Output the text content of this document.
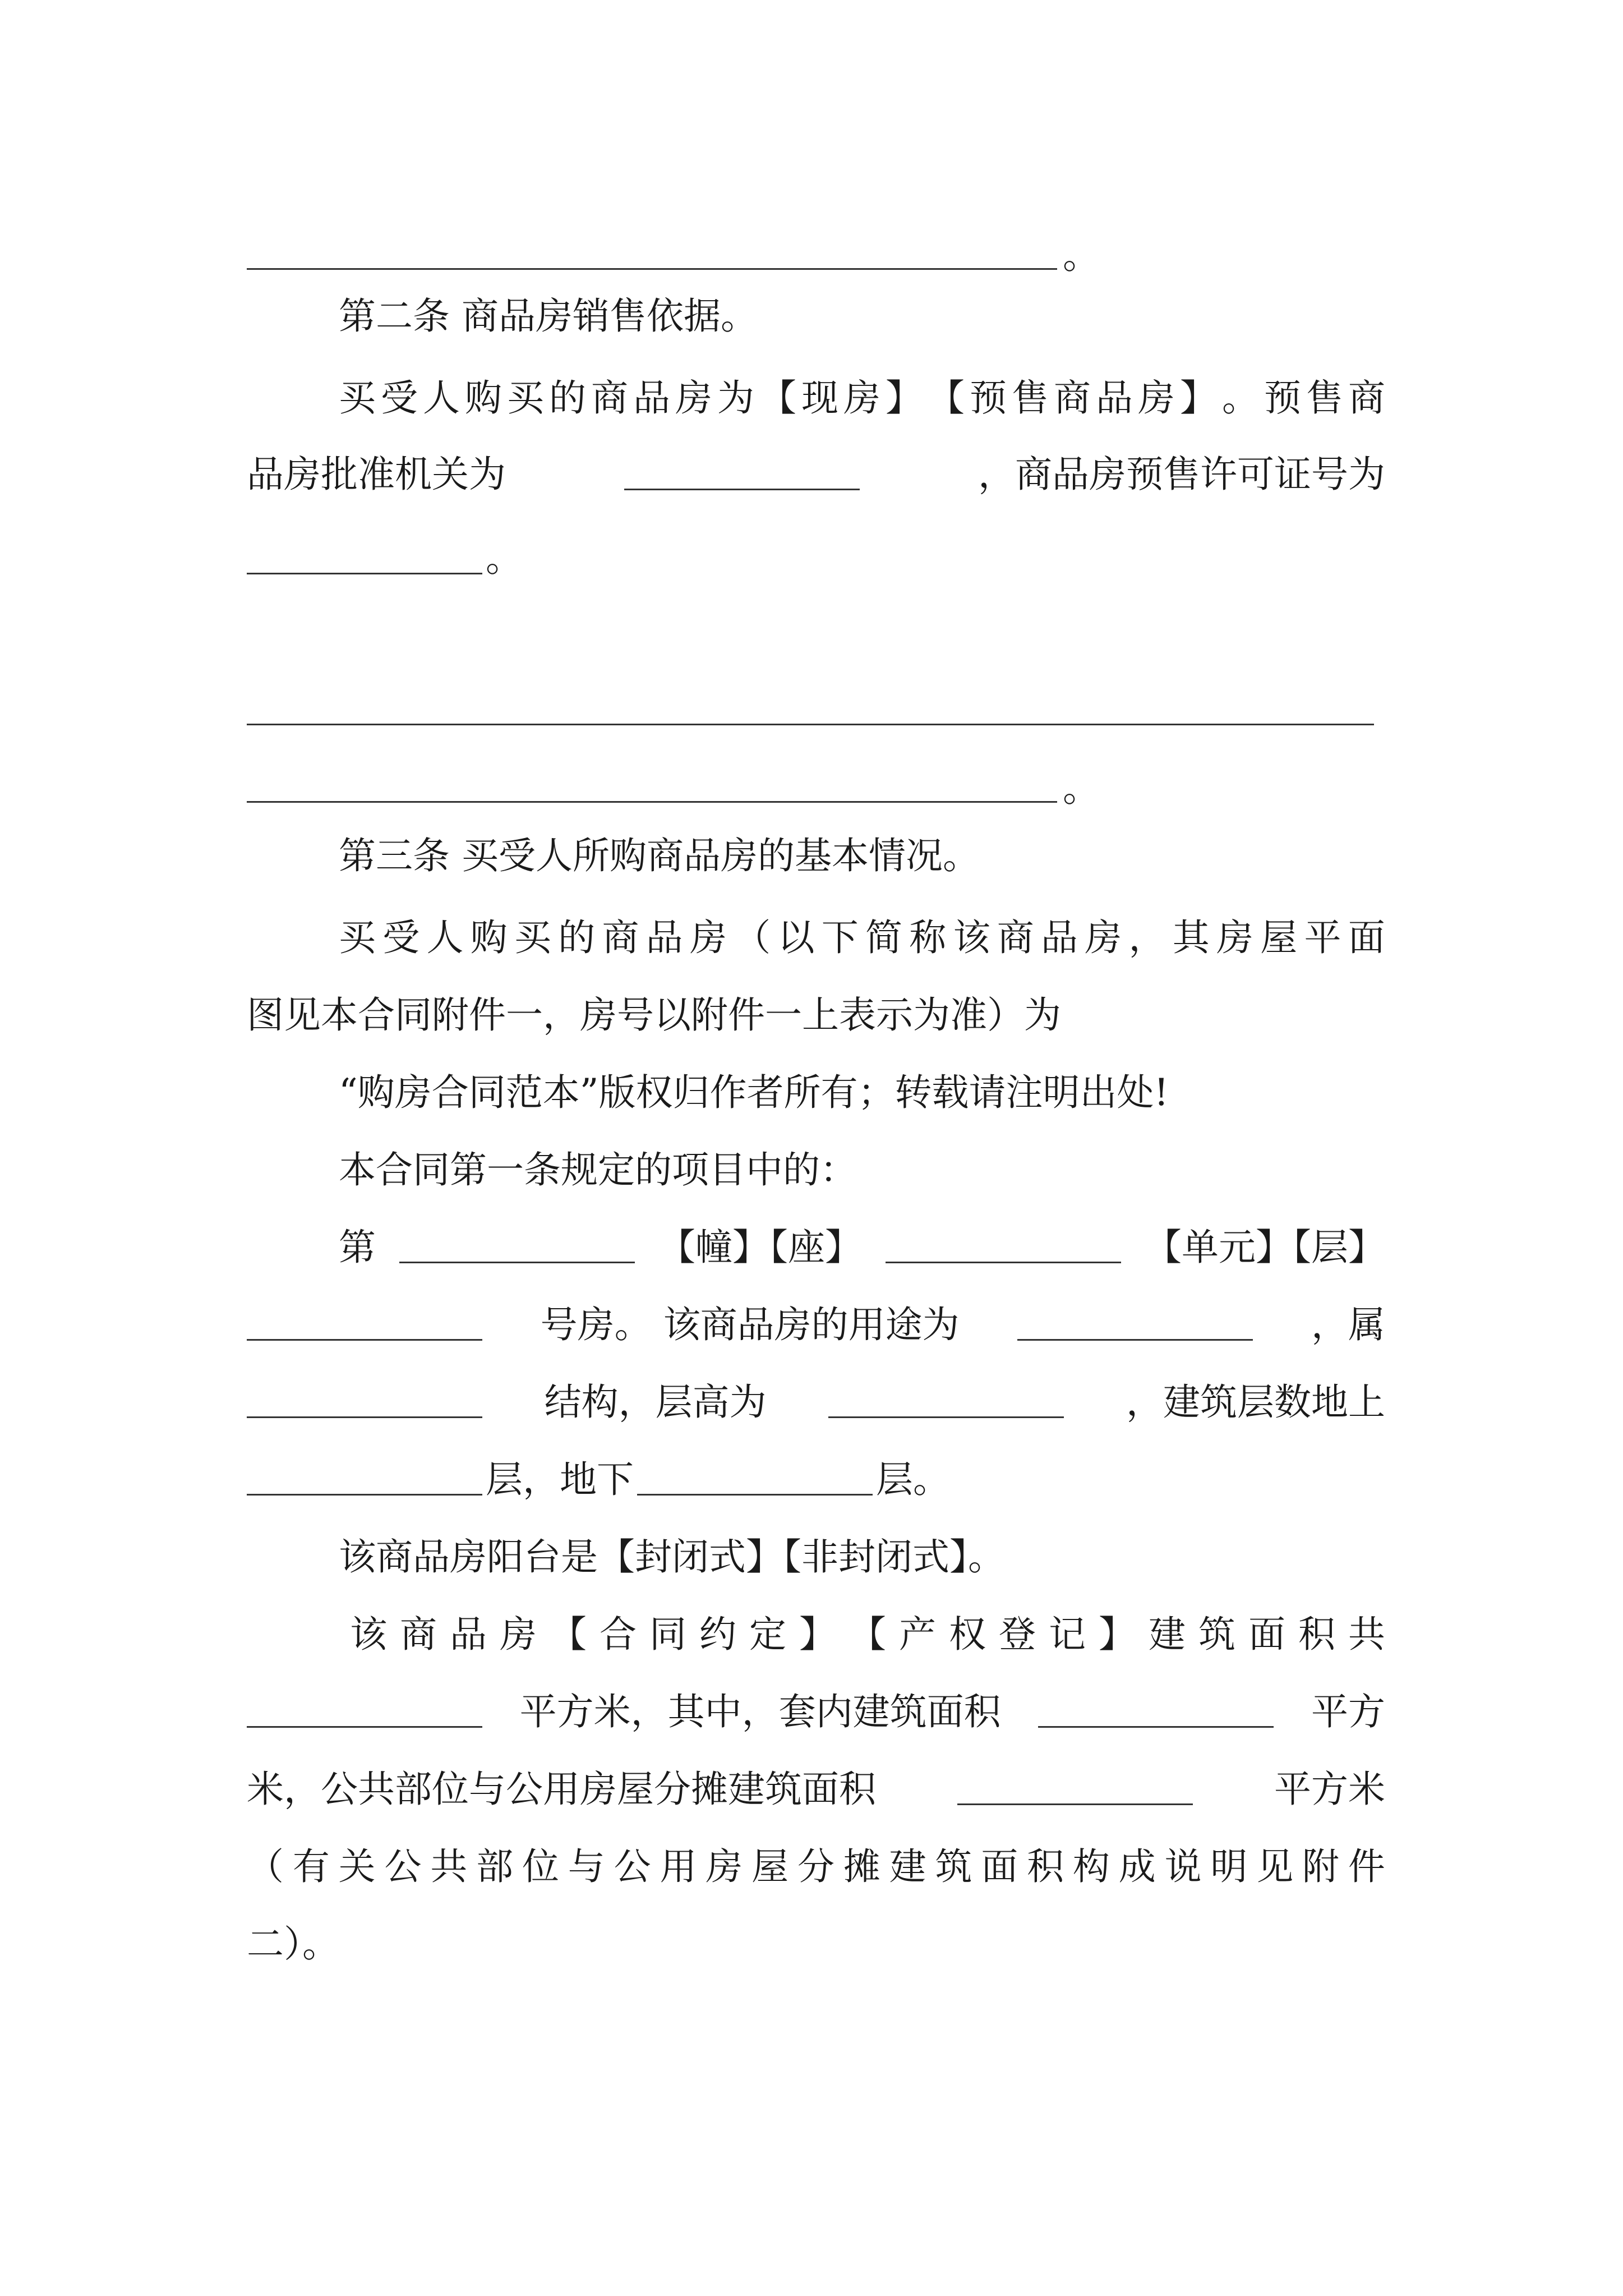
。
第二条 商品房销售依据。
买 受 人 购 买 的 商 品 房 为 【 现 房 】 【 预 售 商 品 房 】 。 预 售 商
品房批准机关为	，商品房预售许可证号为
。
。
第三条 买受人所购商品房的基本情况。
买 受 人 购 买 的 商 品 房 （ 以 下 简 称 该 商 品 房 ， 其 房 屋 平 面
图见本合同附件一，房号以附件一上表示为准）为
“购房合同范本”版权归作者所有；转载请注明出处!
本合同第一条规定的项目中的：
第	【幢】【座】	【单元】【层】
号房。 该商品房的用途为	，属
结构，层高为	，建筑层数地上
层，地下	层。
该商品房阳台是【封闭式】【非封闭式】。
该 商 品 房 【 合 同 约 定 】 【 产 权 登 记 】 建 筑 面 积 共
平方米，其中，套内建筑面积	平方
米，公共部位与公用房屋分摊建筑面积	平方米
（ 有 关 公 共 部 位 与 公 用 房 屋 分 摊 建 筑 面 积 构 成 说 明 见 附 件
二）。
